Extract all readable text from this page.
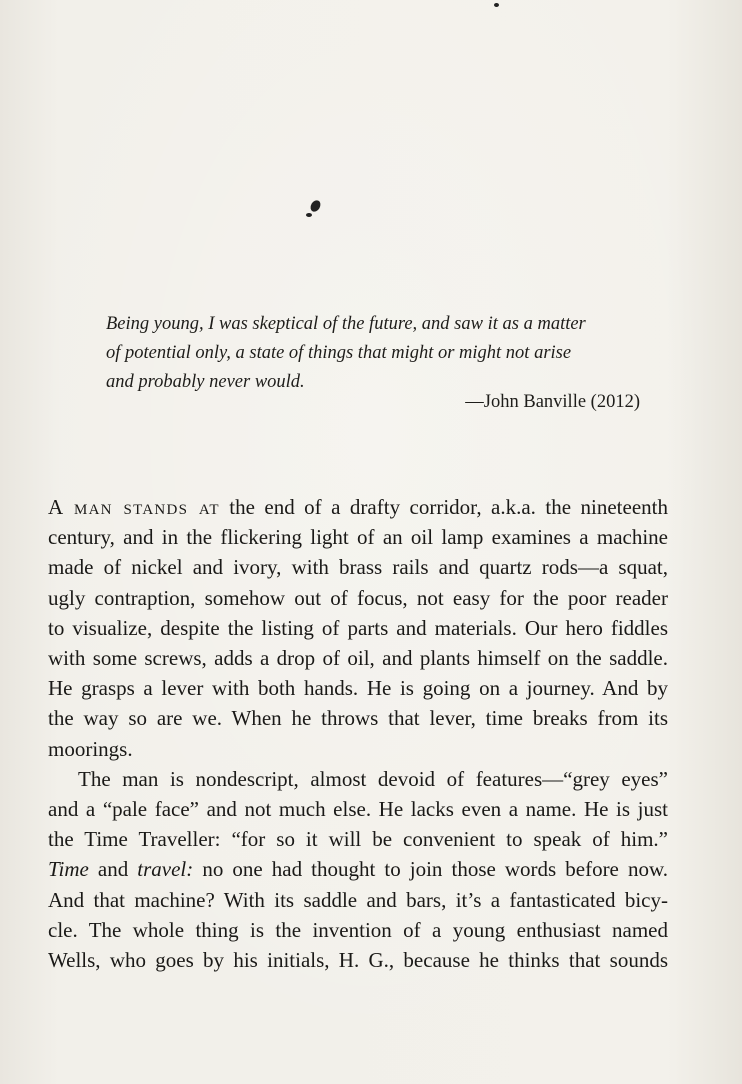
Being young, I was skeptical of the future, and saw it as a matter
of potential only, a state of things that might or might not arise
and probably never would.
—John Banville (2012)
A man stands at the end of a drafty corridor, a.k.a. the nineteenth
century, and in the flickering light of an oil lamp examines a machine
made of nickel and ivory, with brass rails and quartz rods—a squat,
ugly contraption, somehow out of focus, not easy for the poor reader
to visualize, despite the listing of parts and materials. Our hero fiddles
with some screws, adds a drop of oil, and plants himself on the saddle.
He grasps a lever with both hands. He is going on a journey. And by
the way so are we. When he throws that lever, time breaks from its
moorings.
The man is nondescript, almost devoid of features—“grey eyes”
and a “pale face” and not much else. He lacks even a name. He is just
the Time Traveller: “for so it will be convenient to speak of him.”
Time and travel: no one had thought to join those words before now.
And that machine? With its saddle and bars, it’s a fantasticated bicy-
cle. The whole thing is the invention of a young enthusiast named
Wells, who goes by his initials, H. G., because he thinks that sounds
